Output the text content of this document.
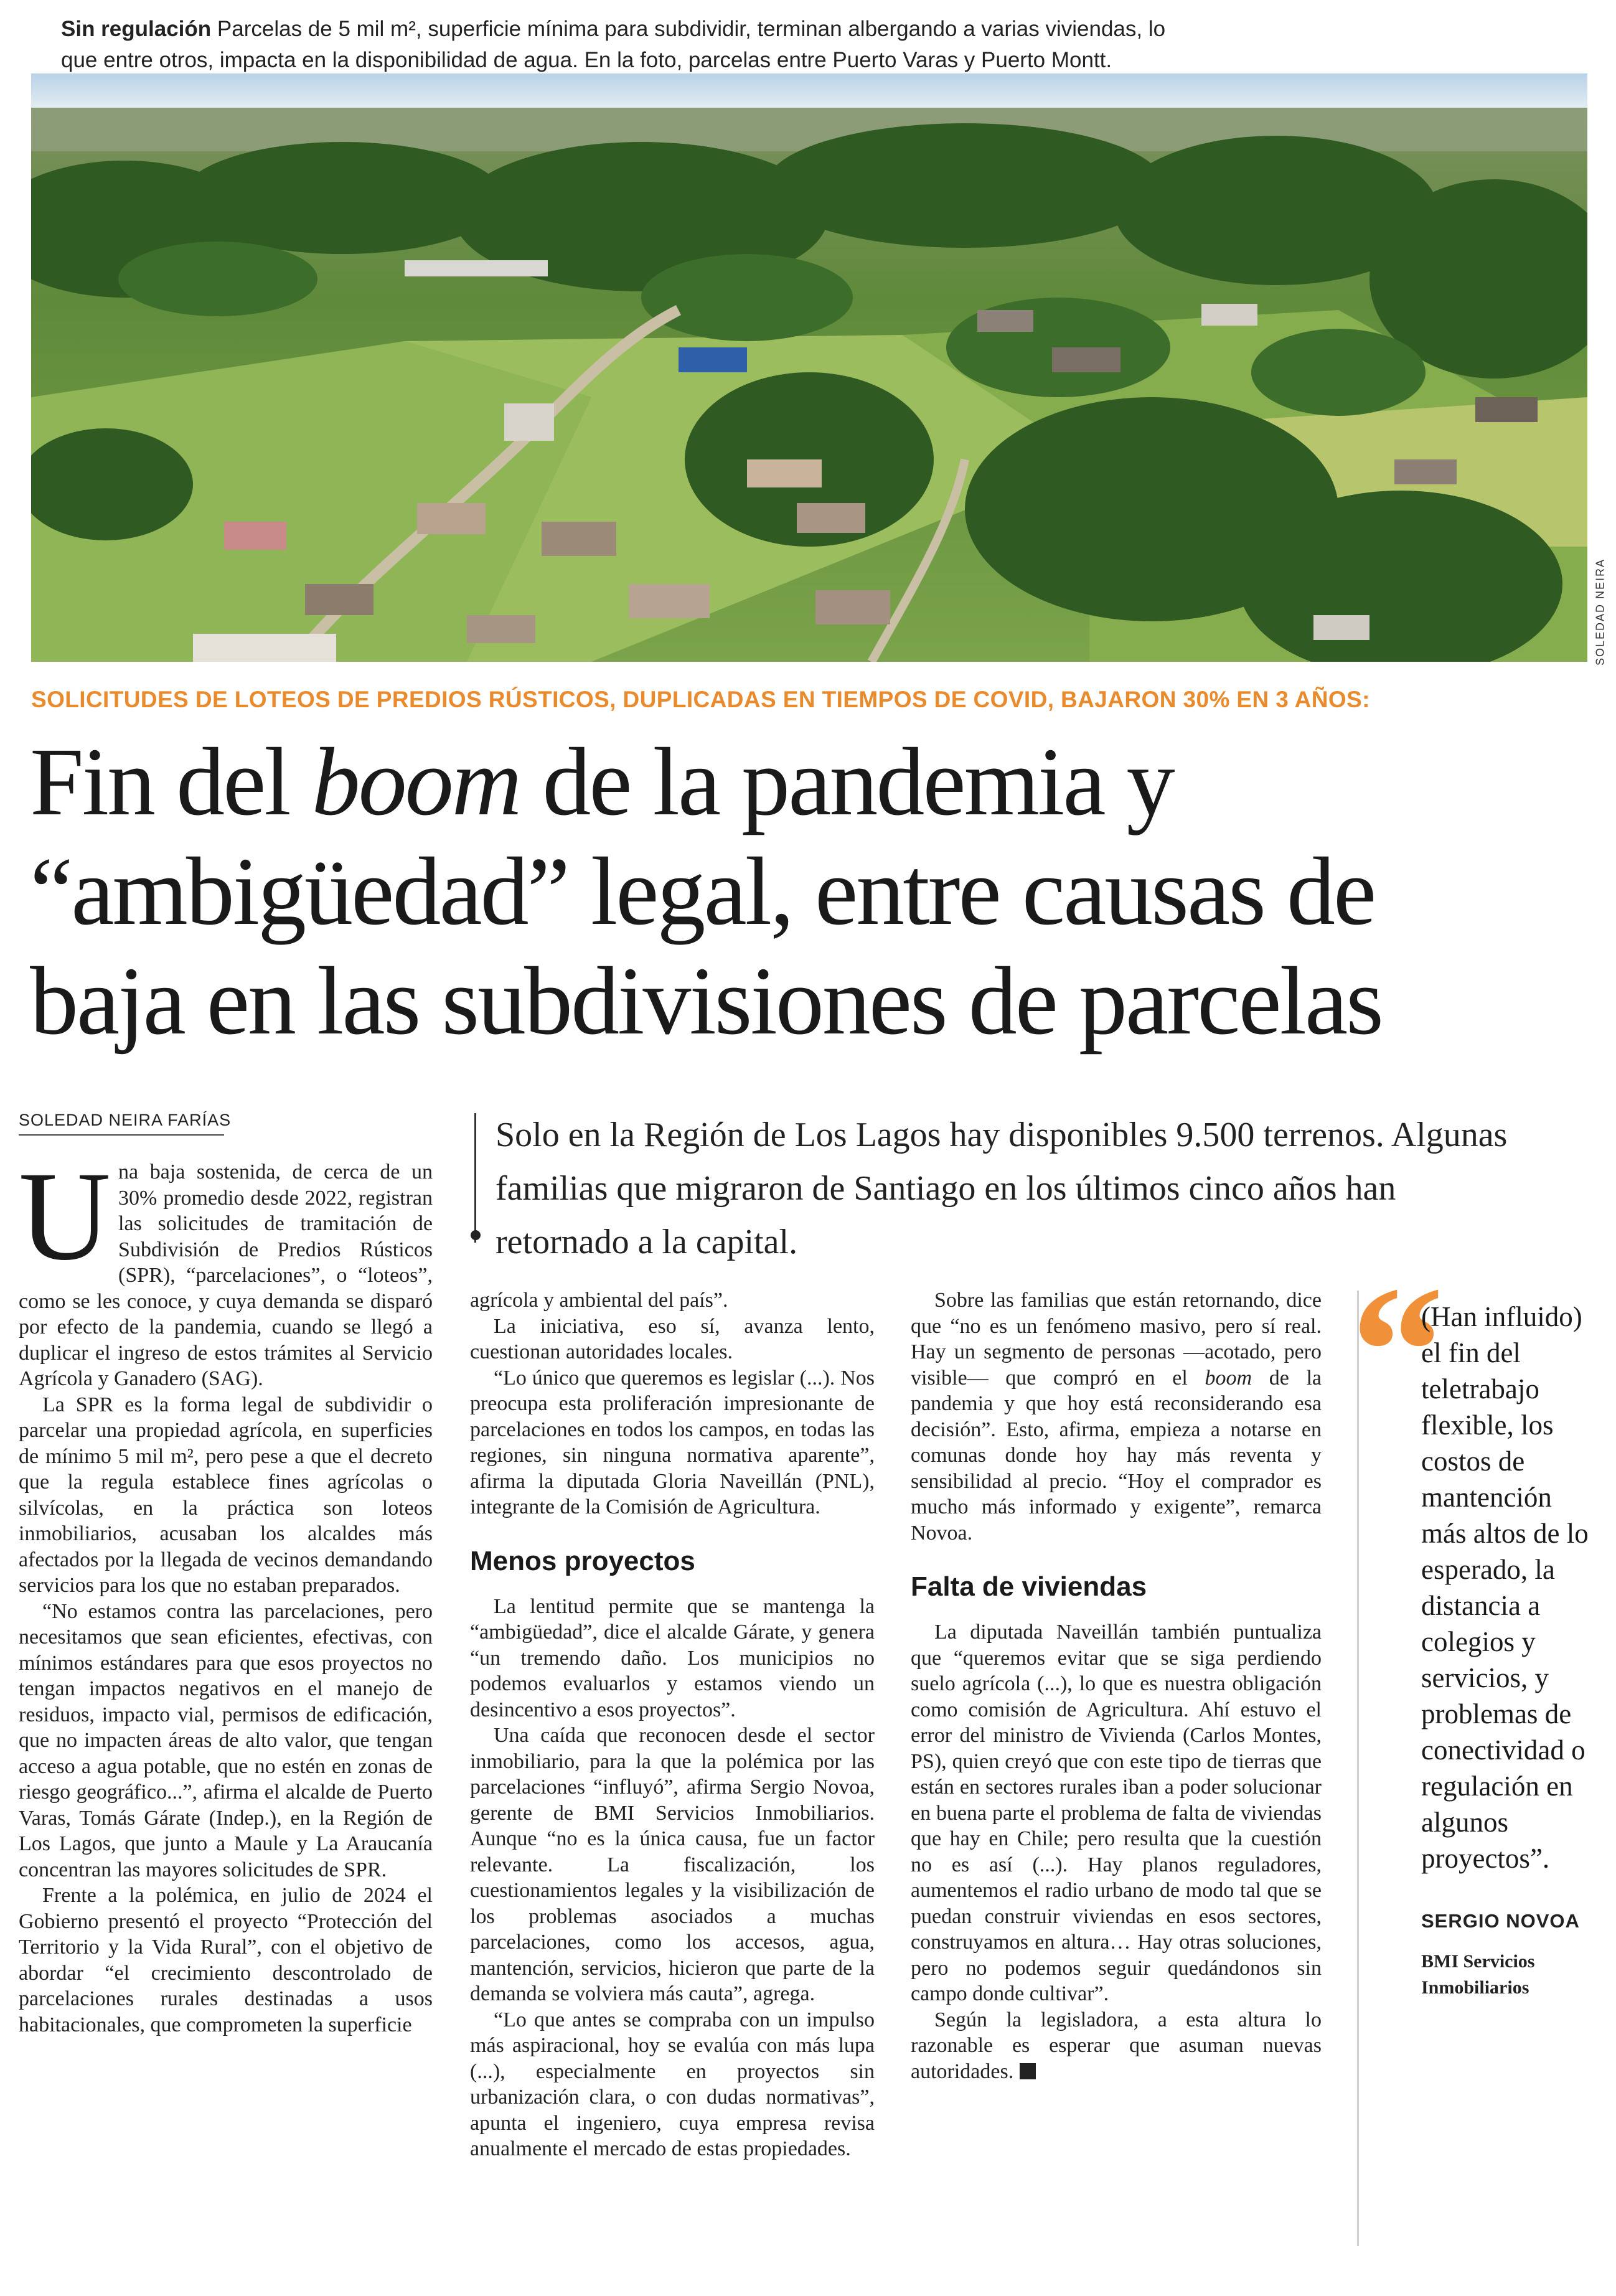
Sin regulación Parcelas de 5 mil m², superficie mínima para subdividir, terminan albergando a varias viviendas, lo que entre otros, impacta en la disponibilidad de agua. En la foto, parcelas entre Puerto Varas y Puerto Montt.
SOLEDAD NEIRA
SOLICITUDES DE LOTEOS DE PREDIOS RÚSTICOS, DUPLICADAS EN TIEMPOS DE COVID, BAJARON 30% EN 3 AÑOS:
Fin del boom de la pandemia y
“ambigüedad” legal, entre causas de
baja en las subdivisiones de parcelas
SOLEDAD NEIRA FARÍAS	Solo en la Región de Los Lagos hay disponibles 9.500 terrenos. Algunas familias que migraron de Santiago en los últimos cinco años han retornado a la capital.

Una baja sostenida, de cerca de un 30% promedio desde 2022, registran las solicitudes de tramitación de Subdivisión de Predios Rústicos (SPR), “parcelaciones”, o “loteos”, como se les conoce, y cuya demanda se disparó por efecto de la pandemia, cuando se llegó a duplicar el ingreso de estos trámites al Servicio Agrícola y Ganadero (SAG).

La SPR es la forma legal de subdividir o parcelar una propiedad agrícola, en superficies de mínimo 5 mil m², pero pese a que el decreto que la regula establece fines agrícolas o silvícolas, en la práctica son loteos inmobiliarios, acusaban los alcaldes más afectados por la llegada de vecinos demandando servicios para los que no estaban preparados.

“No estamos contra las parcelaciones, pero necesitamos que sean eficientes, efectivas, con mínimos estándares para que esos proyectos no tengan impactos negativos en el manejo de residuos, impacto vial, permisos de edificación, que no impacten áreas de alto valor, que tengan acceso a agua potable, que no estén en zonas de riesgo geográfico...”, afirma el alcalde de Puerto Varas, Tomás Gárate (Indep.), en la Región de Los Lagos, que junto a Maule y La Araucanía concentran las mayores solicitudes de SPR.

Frente a la polémica, en julio de 2024 el Gobierno presentó el proyecto “Protección del Territorio y la Vida Rural”, con el objetivo de abordar “el crecimiento descontrolado de parcelaciones rurales destinadas a usos habitacionales, que comprometen la superficie

agrícola y ambiental del país”.

La iniciativa, eso sí, avanza lento, cuestionan autoridades locales.

“Lo único que queremos es legislar (...). Nos preocupa esta proliferación impresionante de parcelaciones en todos los campos, en todas las regiones, sin ninguna normativa aparente”, afirma la diputada Gloria Naveillán (PNL), integrante de la Comisión de Agricultura.

Menos proyectos

La lentitud permite que se mantenga la “ambigüedad”, dice el alcalde Gárate, y genera “un tremendo daño. Los municipios no podemos evaluarlos y estamos viendo un desincentivo a esos proyectos”.

Una caída que reconocen desde el sector inmobiliario, para la que la polémica por las parcelaciones “influyó”, afirma Sergio Novoa, gerente de BMI Servicios Inmobiliarios. Aunque “no es la única causa, fue un factor relevante. La fiscalización, los cuestionamientos legales y la visibilización de los problemas asociados a muchas parcelaciones, como los accesos, agua, mantención, servicios, hicieron que parte de la demanda se volviera más cauta”, agrega.

“Lo que antes se compraba con un impulso más aspiracional, hoy se evalúa con más lupa (...), especialmente en proyectos sin urbanización clara, o con dudas normativas”, apunta el ingeniero, cuya empresa revisa anualmente el mercado de estas propiedades.

Sobre las familias que están retornando, dice que “no es un fenómeno masivo, pero sí real. Hay un segmento de personas —acotado, pero visible— que compró en el boom de la pandemia y que hoy está reconsiderando esa decisión”. Esto, afirma, empieza a notarse en comunas donde hoy hay más reventa y sensibilidad al precio. “Hoy el comprador es mucho más informado y exigente”, remarca Novoa.

Falta de viviendas

La diputada Naveillán también puntualiza que “queremos evitar que se siga perdiendo suelo agrícola (...), lo que es nuestra obligación como comisión de Agricultura. Ahí estuvo el error del ministro de Vivienda (Carlos Montes, PS), quien creyó que con este tipo de tierras que están en sectores rurales iban a poder solucionar en buena parte el problema de falta de viviendas que hay en Chile; pero resulta que la cuestión no es así (...). Hay planos reguladores, aumentemos el radio urbano de modo tal que se puedan construir viviendas en esos sectores, construyamos en altura… Hay otras soluciones, pero no podemos seguir quedándonos sin campo donde cultivar”.

Según la legisladora, a esta altura lo razonable es esperar que asuman nuevas autoridades.

“
(Han influido) el fin del teletrabajo flexible, los costos de mantención más altos de lo esperado, la distancia a colegios y servicios, y problemas de conectividad o regulación en algunos proyectos”.
SERGIO NOVOA
BMI Servicios Inmobiliarios
